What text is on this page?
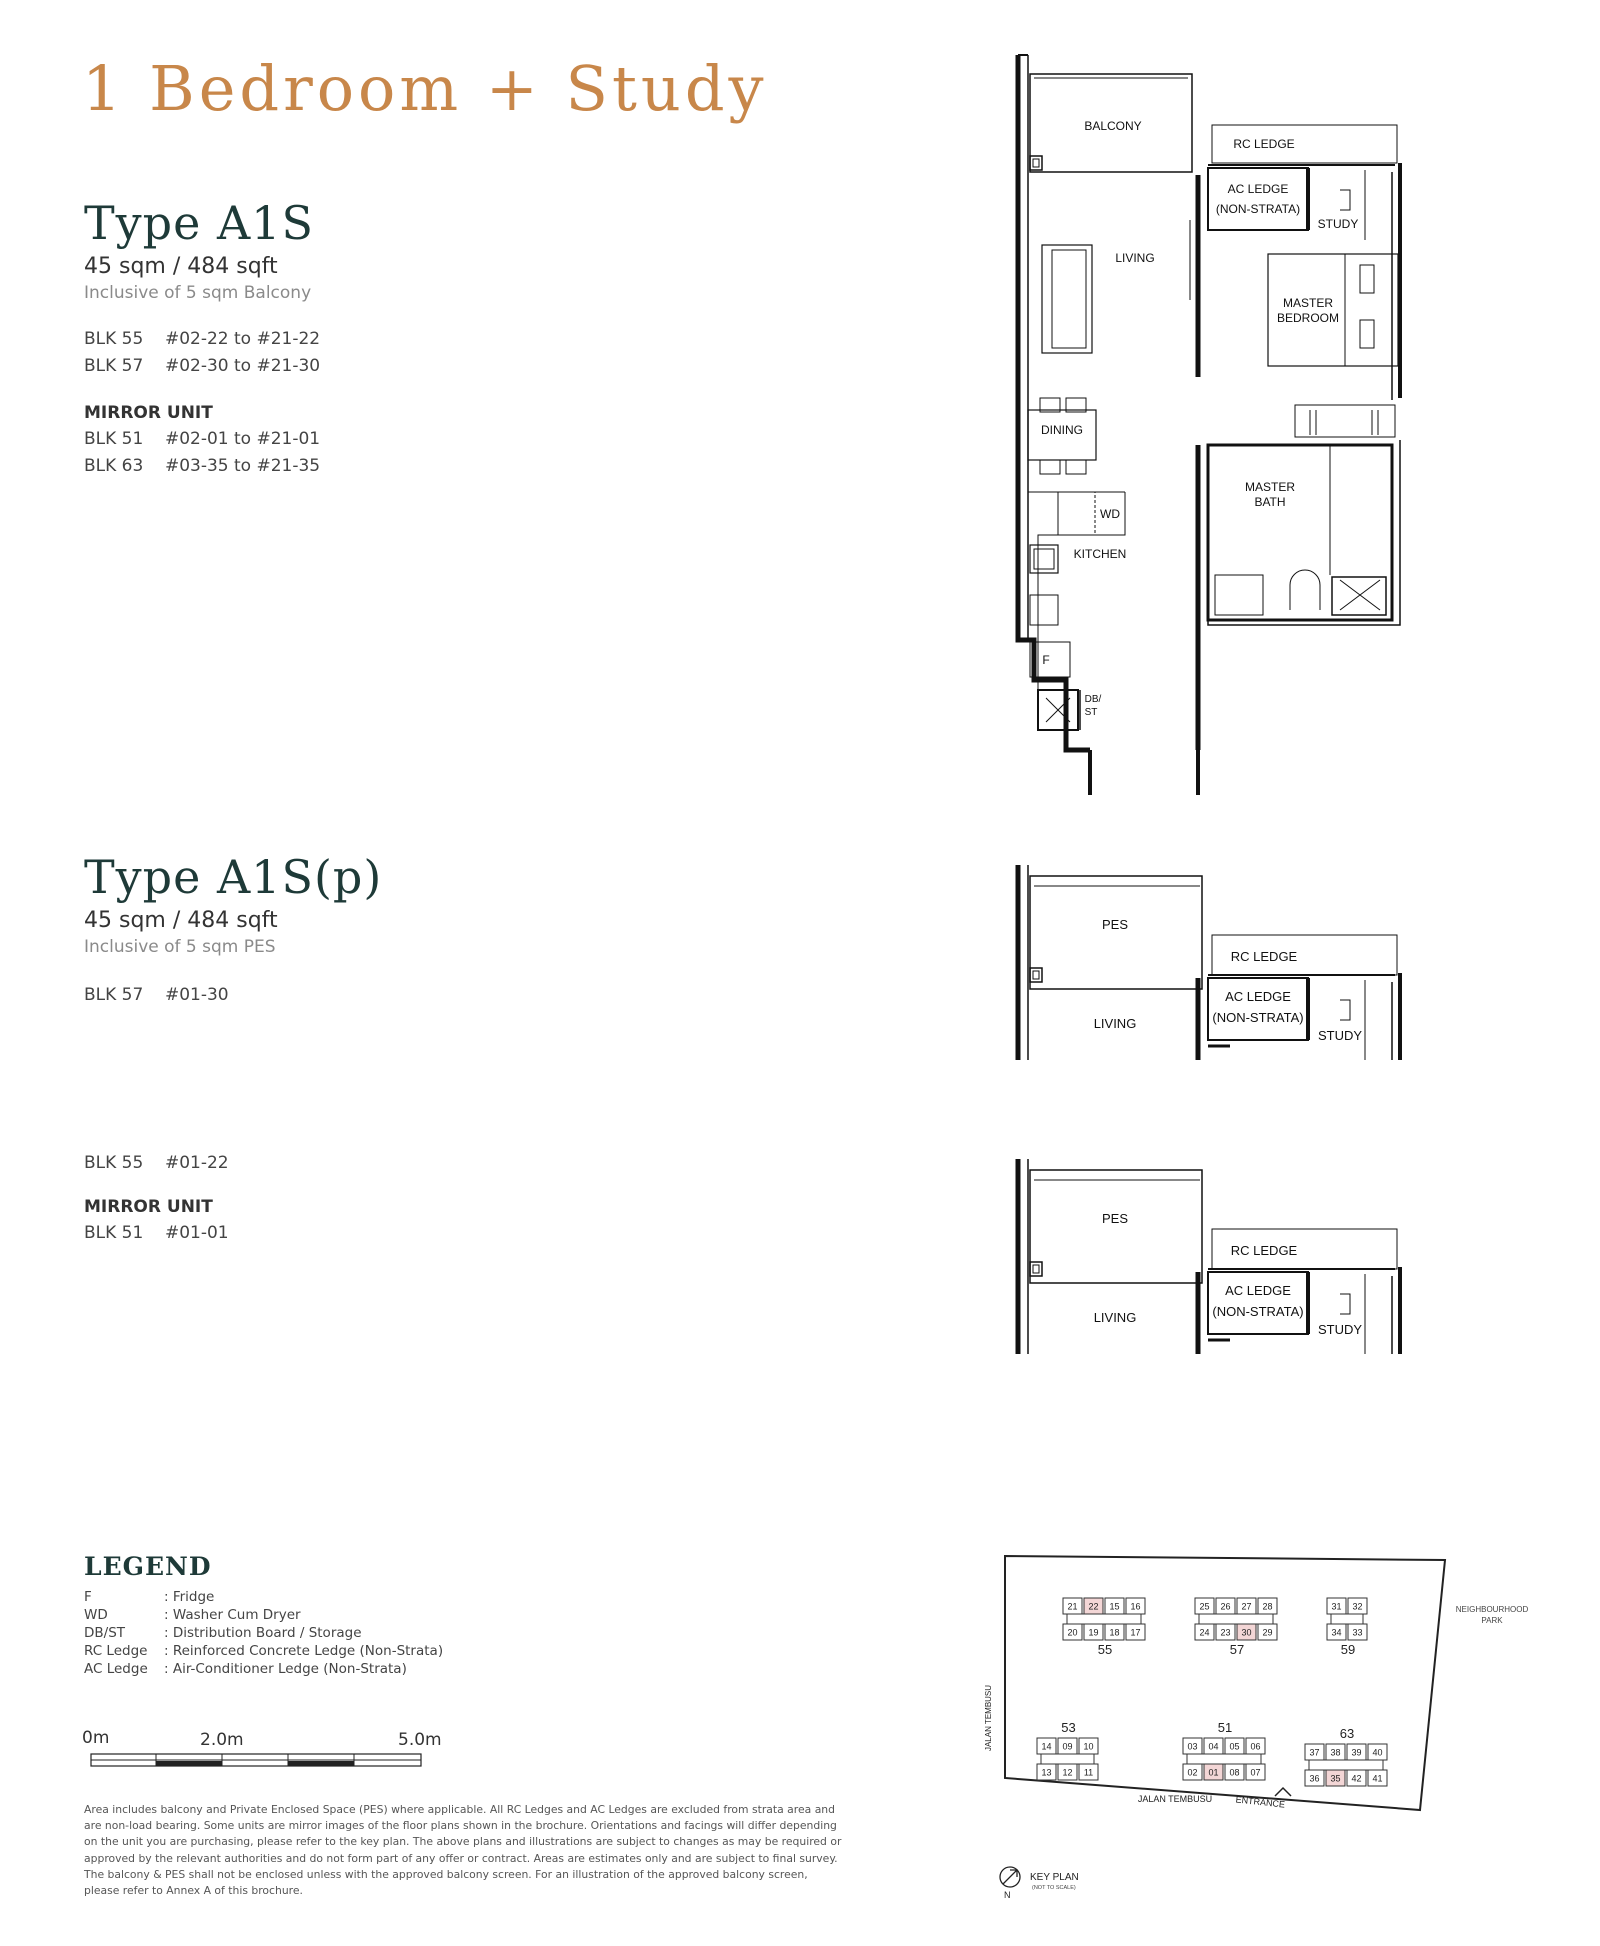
1 Bedroom + Study
Type A1S
45 sqm / 484 sqft
Inclusive of 5 sqm Balcony
BLK 55 #02-22 to #21-22
BLK 57 #02-30 to #21-30
MIRROR UNIT
BLK 51 #02-01 to #21-01
BLK 63 #03-35 to #21-35
Type A1S(p)
45 sqm / 484 sqft
Inclusive of 5 sqm PES
BLK 57 #01-30
BLK 55 #01-22
MIRROR UNIT
BLK 51 #01-01
BALCONY
RC LEDGE
AC LEDGE
(NON-STRATA)
STUDY
LIVING
MASTER
BEDROOM
DINING
WD
MASTER
BATH
KITCHEN
F
DB/
ST
PES
RC LEDGE
AC LEDGE
(NON-STRATA)
STUDY
LIVING
PES
RC LEDGE
AC LEDGE
(NON-STRATA)
STUDY
LIVING
LEGEND
F	: Fridge
WD	: Washer Cum Dryer
DB/ST	: Distribution Board / Storage
RC Ledge : Reinforced Concrete Ledge (Non-Strata)
AC Ledge : Air-Conditioner Ledge (Non-Strata)
0m	2.0m	5.0m
Area includes balcony and Private Enclosed Space (PES) where applicable. All RC Ledges and AC Ledges are excluded from strata area and
are non-load bearing. Some units are mirror images of the floor plans shown in the brochure. Orientations and facings will differ depending
on the unit you are purchasing, please refer to the key plan. The above plans and illustrations are subject to changes as may be required or
approved by the relevant authorities and do not form part of any offer or contract. Areas are estimates only and are subject to final survey.
The balcony & PES shall not be enclosed unless with the approved balcony screen. For an illustration of the approved balcony screen,
please refer to Annex A of this brochure.
JALAN TEMBUSU
JALAN TEMBUSU	ENTRANCE
NEIGHBOURHOOD
PARK
21 22 15 16
20 19 18 17
55
25 26 27 28
24 23 30 29
57
31 32
34 33
59
14 09 10
13 12 11
53
03 04 05 06
02 01 08 07
51
37 38 39 40
36 35 42 41
63
N
KEY PLAN
(NOT TO SCALE)
